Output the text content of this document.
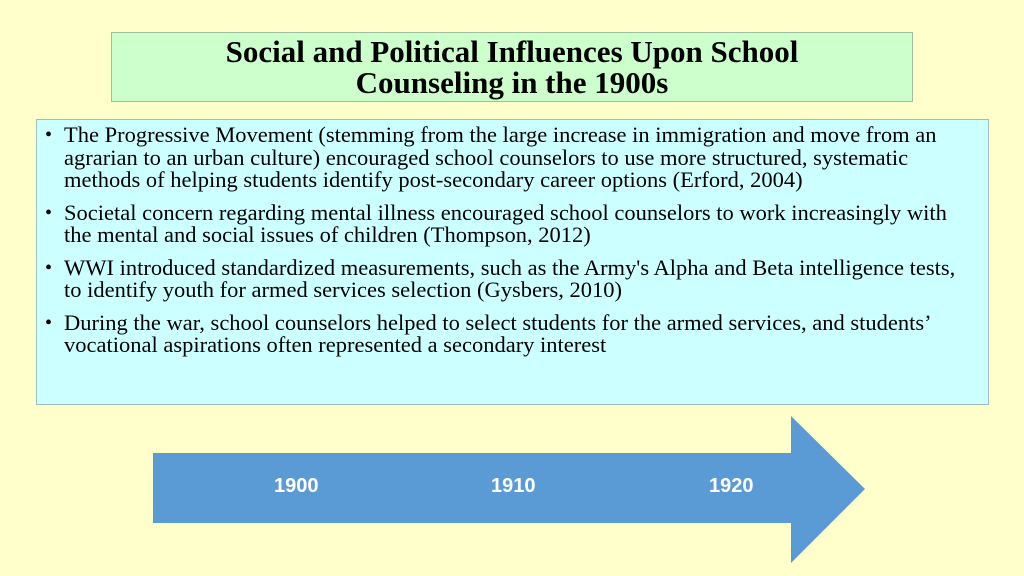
Social and Political Influences Upon School Counseling in the 1900s
• The Progressive Movement (stemming from the large increase in immigration and move from an agrarian to an urban culture) encouraged school counselors to use more structured, systematic methods of helping students identify post-secondary career options (Erford, 2004)
• Societal concern regarding mental illness encouraged school counselors to work increasingly with the mental and social issues of children (Thompson, 2012)
• WWI introduced standardized measurements, such as the Army's Alpha and Beta intelligence tests, to identify youth for armed services selection (Gysbers, 2010)
• During the war, school counselors helped to select students for the armed services, and students’ vocational aspirations often represented a secondary interest
1900	1910	1920
